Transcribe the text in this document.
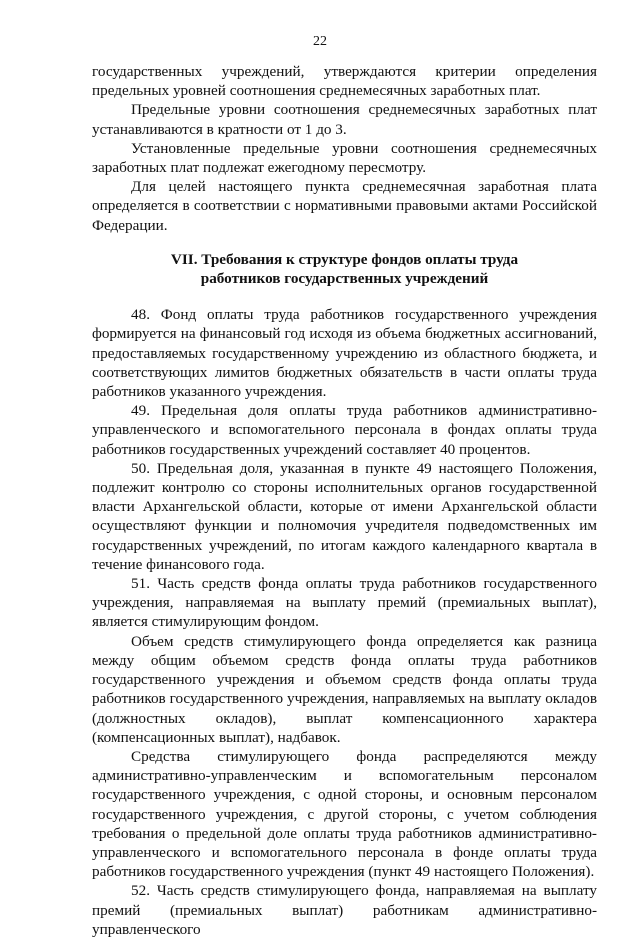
22

государственных учреждений, утверждаются критерии определения предельных уровней соотношения среднемесячных заработных плат.

Предельные уровни соотношения среднемесячных заработных плат устанавливаются в кратности от 1 до 3.

Установленные предельные уровни соотношения среднемесячных заработных плат подлежат ежегодному пересмотру.

Для целей настоящего пункта среднемесячная заработная плата определяется в соответствии с нормативными правовыми актами Российской Федерации.

VII. Требования к структуре фондов оплаты труда

работников государственных учреждений

48. Фонд оплаты труда работников государственного учреждения формируется на финансовый год исходя из объема бюджетных ассигнований, предоставляемых государственному учреждению из областного бюджета, и соответствующих лимитов бюджетных обязательств в части оплаты труда работников указанного учреждения.

49. Предельная доля оплаты труда работников административно-управленческого и вспомогательного персонала в фондах оплаты труда работников государственных учреждений составляет 40 процентов.

50. Предельная доля, указанная в пункте 49 настоящего Положения, подлежит контролю со стороны исполнительных органов государственной власти Архангельской области, которые от имени Архангельской области осуществляют функции и полномочия учредителя подведомственных им государственных учреждений, по итогам каждого календарного квартала в течение финансового года.

51. Часть средств фонда оплаты труда работников государственного учреждения, направляемая на выплату премий (премиальных выплат), является стимулирующим фондом.

Объем средств стимулирующего фонда определяется как разница между общим объемом средств фонда оплаты труда работников государственного учреждения и объемом средств фонда оплаты труда работников государственного учреждения, направляемых на выплату окладов (должностных окладов), выплат компенсационного характера (компенсационных выплат), надбавок.

Средства стимулирующего фонда распределяются между административно-управленческим и вспомогательным персоналом государственного учреждения, с одной стороны, и основным персоналом государственного учреждения, с другой стороны, с учетом соблюдения требования о предельной доле оплаты труда работников административно-управленческого и вспомогательного персонала в фонде оплаты труда работников государственного учреждения (пункт 49 настоящего Положения).

52. Часть средств стимулирующего фонда, направляемая на выплату премий (премиальных выплат) работникам административно-управленческого
